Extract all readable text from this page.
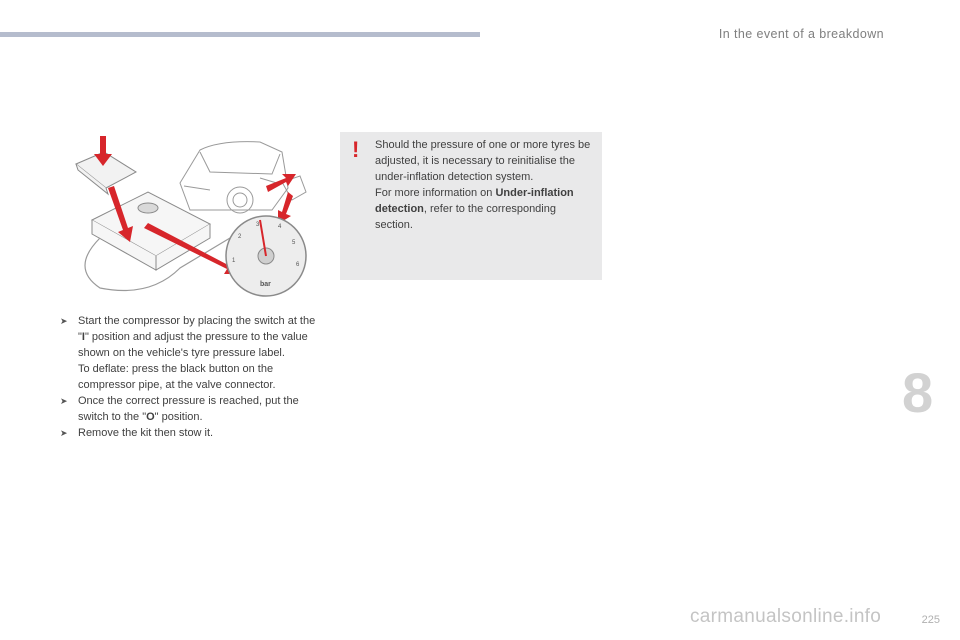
In the event of a breakdown
1
2
3	4
5
6
bar
➤ Start the compressor by placing the switch at the "I" position and adjust the pressure to the value shown on the vehicle's tyre pressure label.

To deflate: press the black button on the compressor pipe, at the valve connector.

➤ Once the correct pressure is reached, put the switch to the "O" position.

➤ Remove the kit then stow it.

! Should the pressure of one or more tyres be adjusted, it is necessary to reinitialise the under-inflation detection system.

For more information on Under-inflation detection, refer to the corresponding section.

8
225
carmanualsonline.info
